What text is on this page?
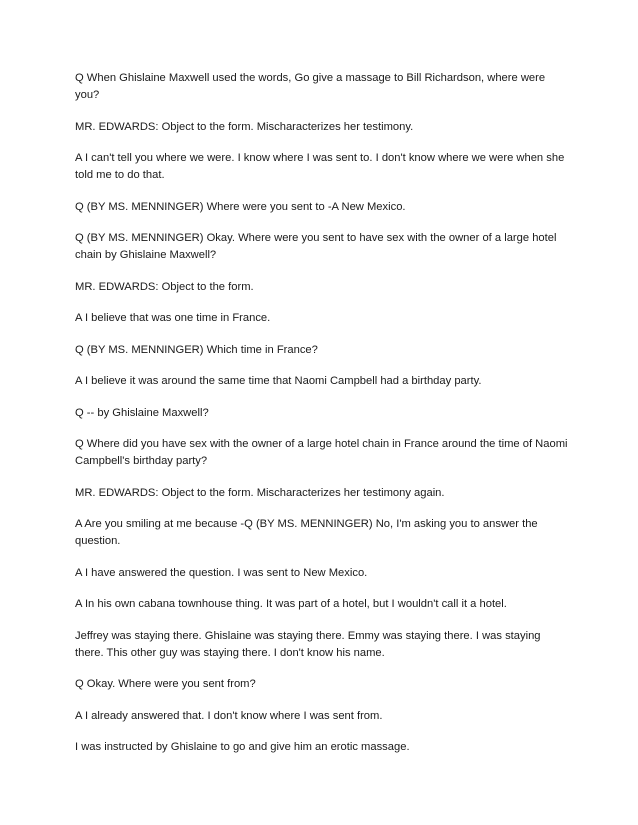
Q When Ghislaine Maxwell used the words, Go give a massage to Bill Richardson, where were you?

MR. EDWARDS: Object to the form. Mischaracterizes her testimony.

A I can't tell you where we were. I know where I was sent to. I don't know where we were when she told me to do that.

Q (BY MS. MENNINGER) Where were you sent to -A New Mexico.

Q (BY MS. MENNINGER) Okay. Where were you sent to have sex with the owner of a large hotel chain by Ghislaine Maxwell?

MR. EDWARDS: Object to the form.

A I believe that was one time in France.

Q (BY MS. MENNINGER) Which time in France?

A I believe it was around the same time that Naomi Campbell had a birthday party.

Q -- by Ghislaine Maxwell?

Q Where did you have sex with the owner of a large hotel chain in France around the time of Naomi Campbell's birthday party?

MR. EDWARDS: Object to the form. Mischaracterizes her testimony again.

A Are you smiling at me because -Q (BY MS. MENNINGER) No, I'm asking you to answer the question.

A I have answered the question. I was sent to New Mexico.

A In his own cabana townhouse thing. It was part of a hotel, but I wouldn't call it a hotel.

Jeffrey was staying there. Ghislaine was staying there. Emmy was staying there. I was staying there. This other guy was staying there. I don't know his name.

Q Okay. Where were you sent from?

A I already answered that. I don't know where I was sent from.

I was instructed by Ghislaine to go and give him an erotic massage.
